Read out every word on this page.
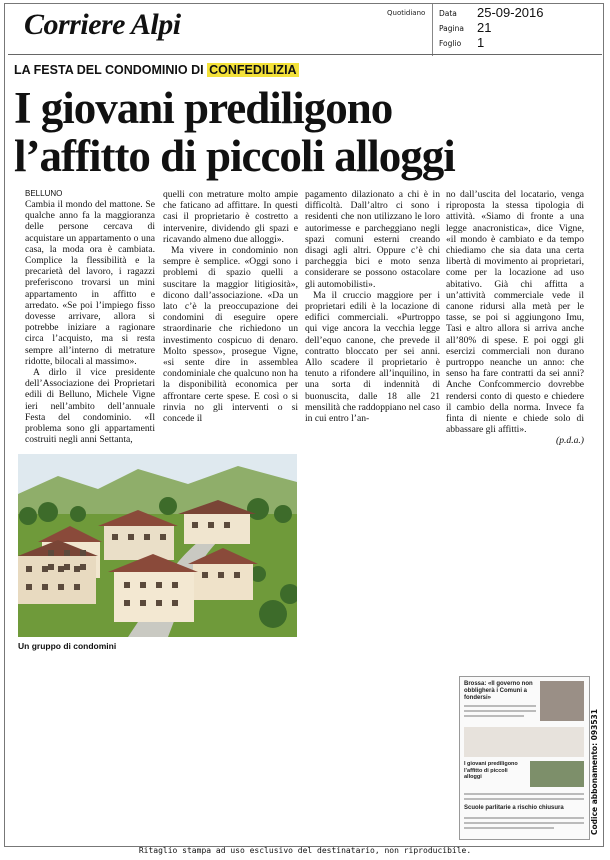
Corriere Alpi	Quotidiano Data 25-09-2016
Pagina 21
Foglio 1
LA FESTA DEL CONDOMINIO DI CONFEDILIZIA
I giovani prediligono
l’affitto di piccoli alloggi

BELLUNO

Cambia il mondo del mattone. Se qualche anno fa la maggioranza delle persone cercava di acquistare un appartamento o una casa, la moda ora è cambiata. Complice la flessibilità e la precarietà del lavoro, i ragazzi preferiscono trovarsi un mini appartamento in affitto e arredato. «Se poi l’impiego fisso dovesse arrivare, allora si potrebbe iniziare a ragionare circa l’acquisto, ma si resta sempre all’interno di metrature ridotte, bilocali al massimo».

A dirlo il vice presidente dell’Associazione dei Proprietari edili di Belluno, Michele Vigne ieri nell’ambito dell’annuale Festa del condominio. «Il problema sono gli appartamenti costruiti negli anni Settanta,

quelli con metrature molto ampie che faticano ad affittare. In questi casi il proprietario è costretto a intervenire, dividendo gli spazi e ricavando almeno due alloggi».

Ma vivere in condominio non sempre è semplice. «Oggi sono i problemi di spazio quelli a suscitare la maggior litigiosità», dicono dall’associazione. «Da un lato c’è la preoccupazione dei condomini di eseguire opere straordinarie che richiedono un investimento cospicuo di denaro. Molto spesso», prosegue Vigne, «si sente dire in assemblea condominiale che qualcuno non ha la disponibilità economica per affrontare certe spese. E così o si rinvia no gli interventi o si concede il

pagamento dilazionato a chi è in difficoltà. Dall’altro ci sono i residenti che non utilizzano le loro autorimesse e parcheggiano negli spazi comuni esterni creando disagi agli altri. Oppure c’è chi parcheggia bici e moto senza considerare se possono ostacolare gli automobilisti».

Ma il cruccio maggiore per i proprietari edili è la locazione di edifici commerciali. «Purtroppo qui vige ancora la vecchia legge dell’equo canone, che prevede il contratto bloccato per sei anni. Allo scadere il proprietario è tenuto a rifondere all’inquilino, in una sorta di indennità di buonuscita, dalle 18 alle 21 mensilità che raddoppiano nel caso in cui entro l’an-

no dall’uscita del locatario, venga riproposta la stessa tipologia di attività. «Siamo di fronte a una legge anacronistica», dice Vigne, «il mondo è cambiato e da tempo chiediamo che sia data una certa libertà di movimento ai proprietari, come per la locazione ad uso abitativo. Già chi affitta a un’attività commerciale vede il canone ridursi alla metà per le tasse, se poi si aggiungono Imu, Tasi e altro allora si arriva anche all’80% di spese. E poi oggi gli esercizi commerciali non durano purtroppo neanche un anno: che senso ha fare contratti da sei anni? Anche Confcommercio dovrebbe rendersi conto di questo e chiedere il cambio della norma. Invece fa finta di niente e chiede solo di abbassare gli affitti».

(p.d.a.)

Un gruppo di condomini
Brossa: «Il governo non obbligherà i Comuni a fondersi»
I giovani prediligono l’affitto di piccoli alloggi
Scuole parlitarie a rischio chiusura	Codice abbonamento: 093531
Ritaglio stampa ad uso esclusivo del destinatario, non riproducibile.
